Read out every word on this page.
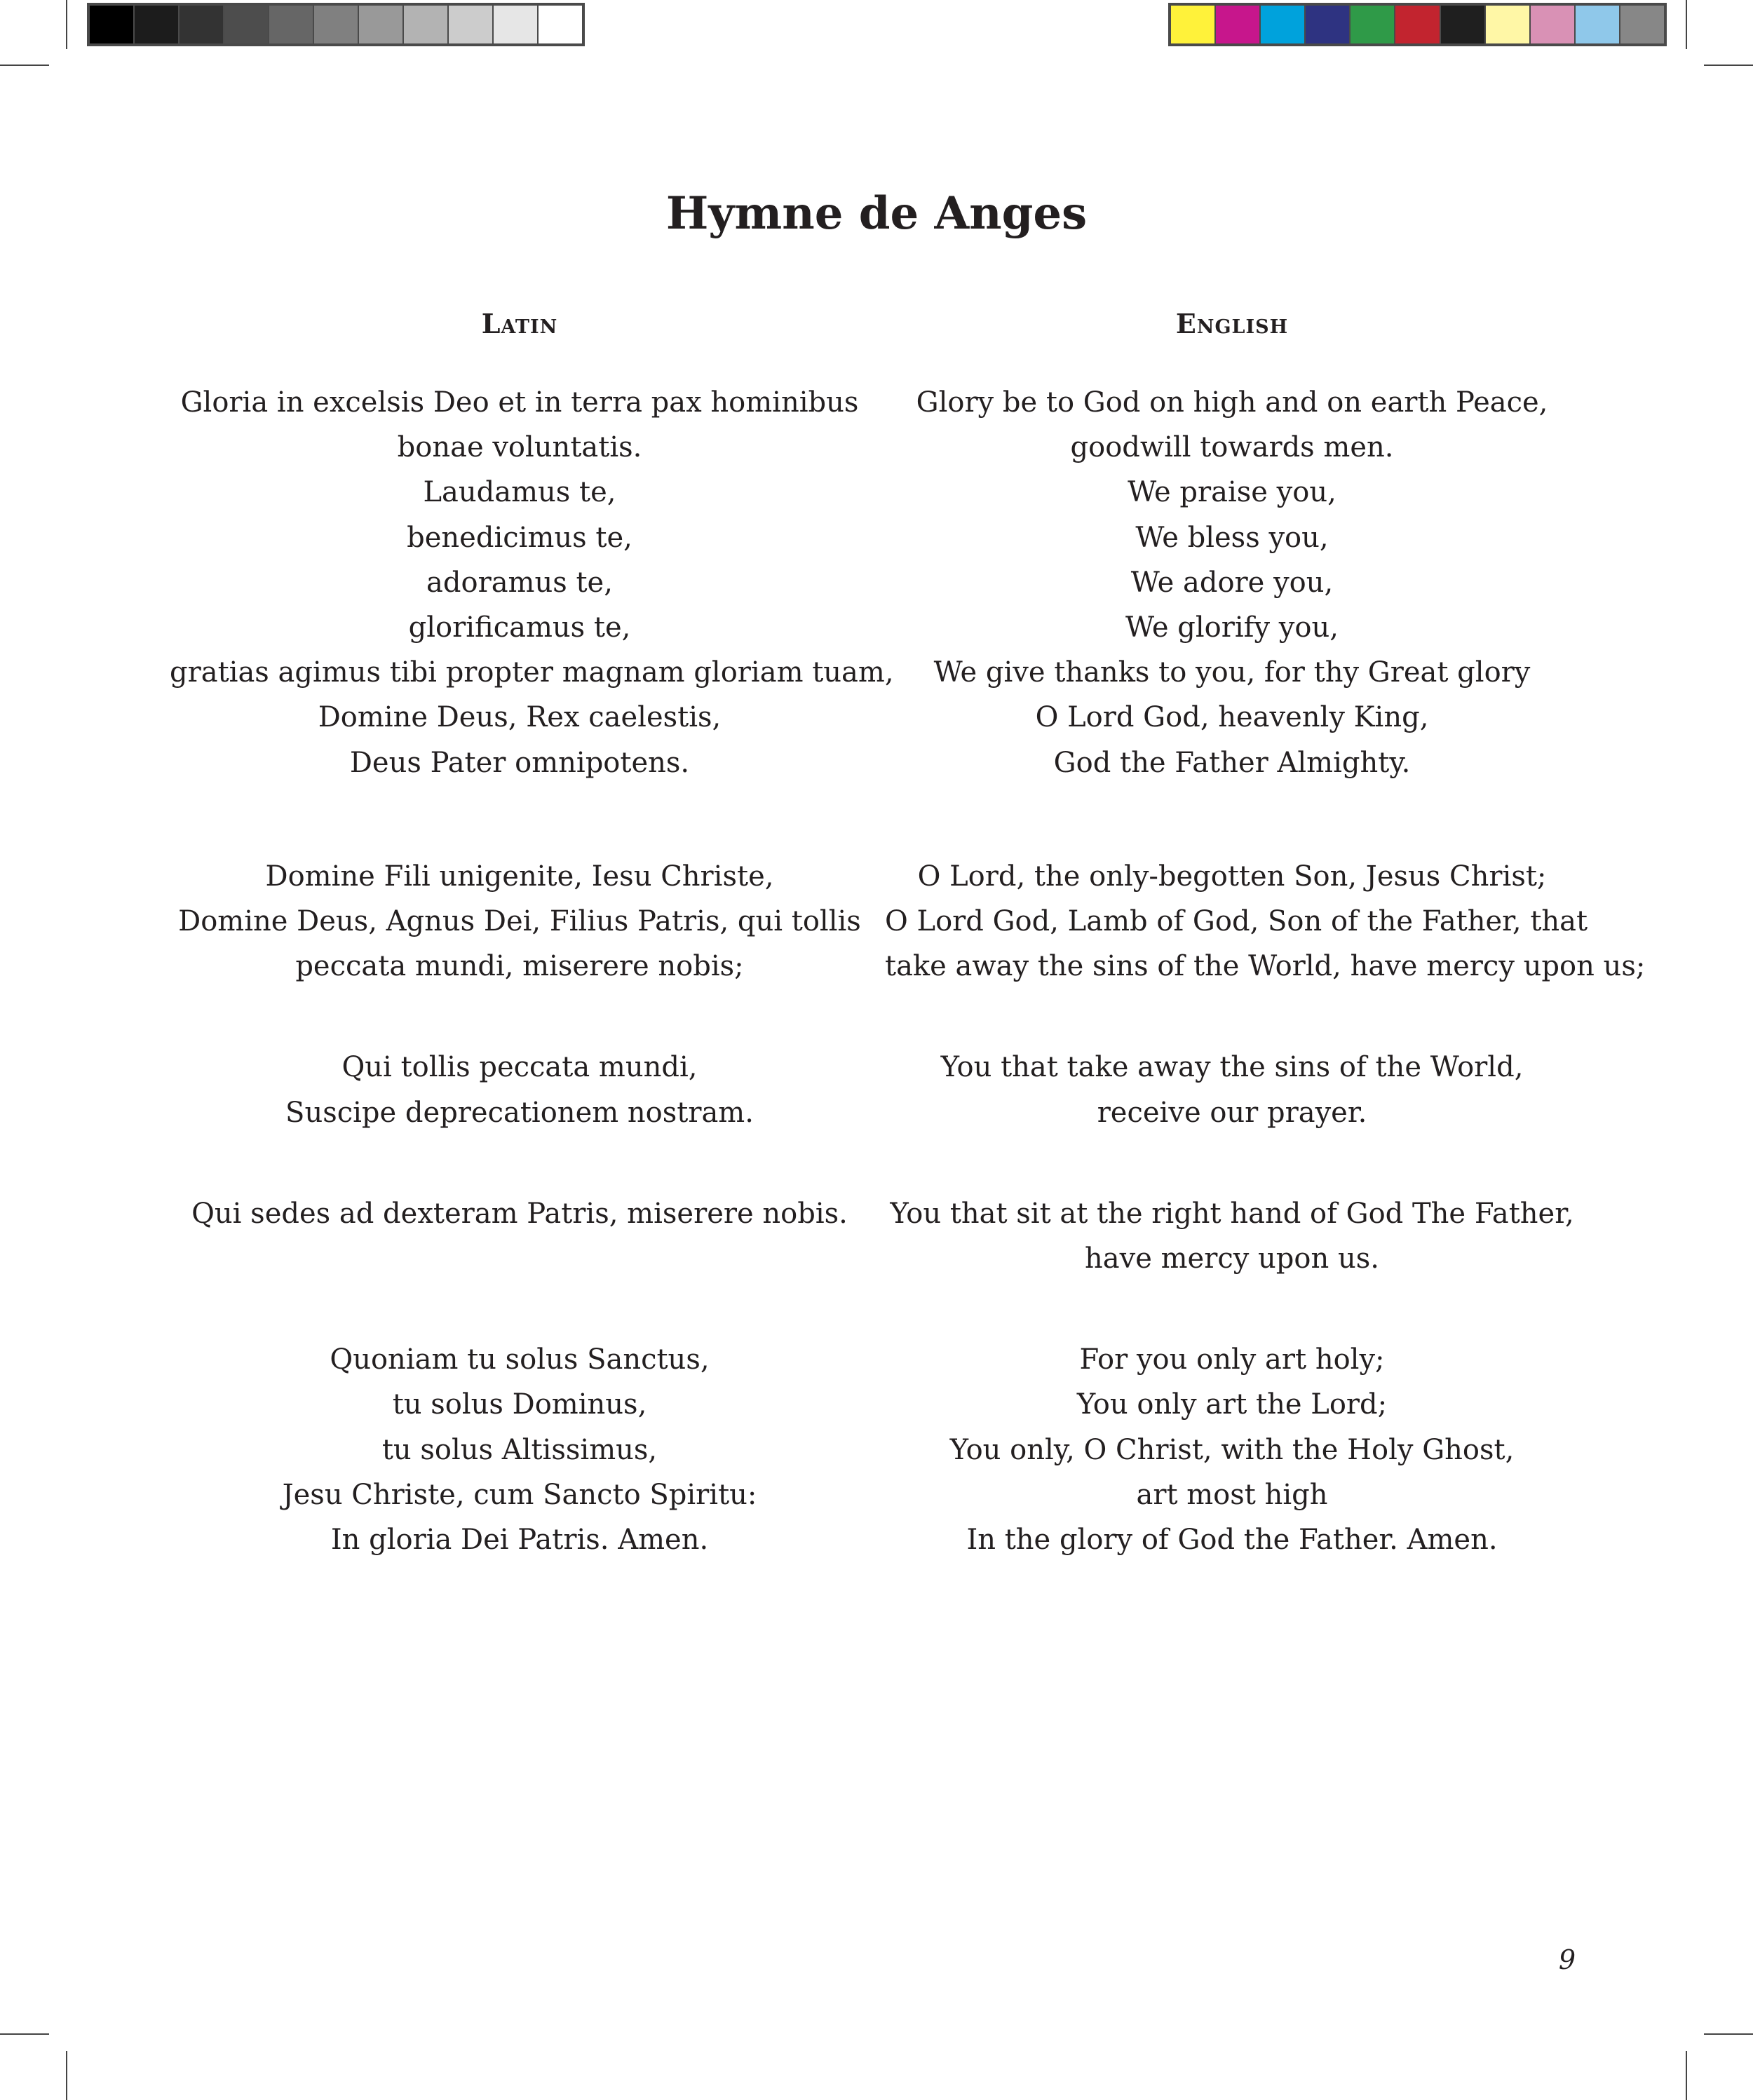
Hymne de Anges
Latin
Gloria in excelsis Deo et in terra pax hominibus
bonae voluntatis.
Laudamus te,
benedicimus te,
adoramus te,
glorificamus te,
gratias agimus tibi propter magnam gloriam tuam,
Domine Deus, Rex caelestis,
Deus Pater omnipotens.
Domine Fili unigenite, Iesu Christe,
Domine Deus, Agnus Dei, Filius Patris, qui tollis
peccata mundi, miserere nobis;
Qui tollis peccata mundi,
Suscipe deprecationem nostram.
Qui sedes ad dexteram Patris, miserere nobis.

Quoniam tu solus Sanctus,
tu solus Dominus,
tu solus Altissimus,
Jesu Christe, cum Sancto Spiritu:
In gloria Dei Patris. Amen.
English
Glory be to God on high and on earth Peace,
goodwill towards men.
We praise you,
We bless you,
We adore you,
We glorify you,
We give thanks to you, for thy Great glory
O Lord God, heavenly King,
God the Father Almighty.
O Lord, the only-begotten Son, Jesus Christ;
O Lord God, Lamb of God, Son of the Father, that
take away the sins of the World, have mercy upon us;
You that take away the sins of the World,
receive our prayer.
You that sit at the right hand of God The Father,
have mercy upon us.
For you only art holy;
You only art the Lord;
You only, O Christ, with the Holy Ghost,
art most high
In the glory of God the Father. Amen.
9
